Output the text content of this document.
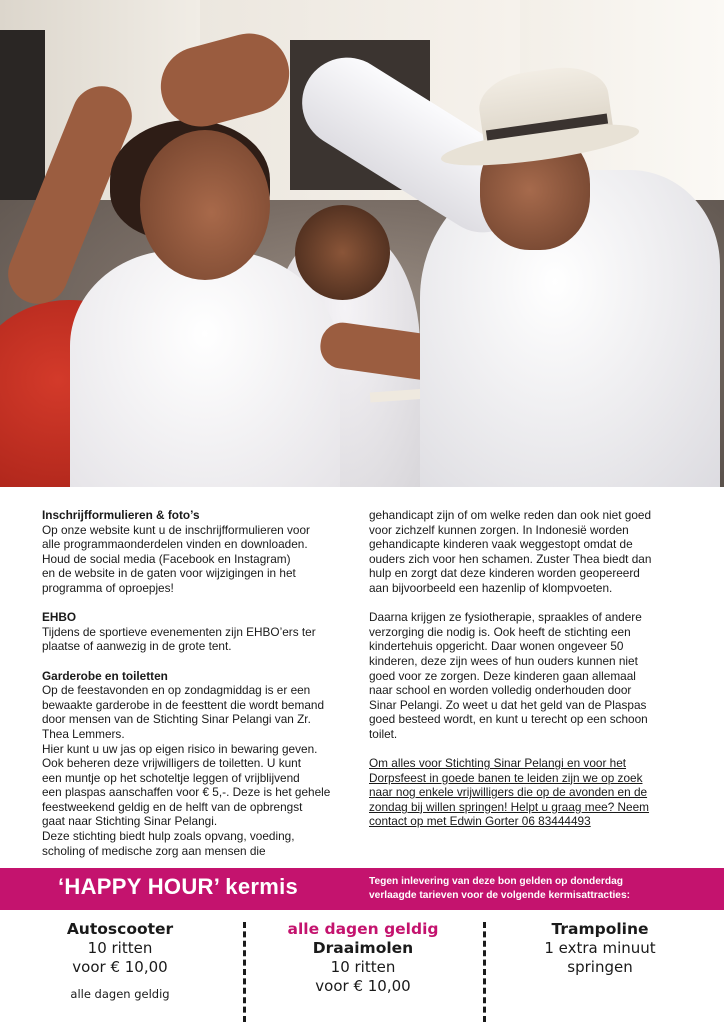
Inschrijfformulieren & foto’s

Op onze website kunt u de inschrijfformulieren voor

alle programmaonderdelen vinden en downloaden.

Houd de social media (Facebook en Instagram)

en de website in de gaten voor wijzigingen in het

programma of oproepjes!

EHBO

Tijdens de sportieve evenementen zijn EHBO’ers ter

plaatse of aanwezig in de grote tent.

Garderobe en toiletten

Op de feestavonden en op zondagmiddag is er een

bewaakte garderobe in de feesttent die wordt bemand

door mensen van de Stichting Sinar Pelangi van Zr.

Thea Lemmers.

Hier kunt u uw jas op eigen risico in bewaring geven.

Ook beheren deze vrijwilligers de toiletten. U kunt

een muntje op het schoteltje leggen of vrijblijvend

een plaspas aanschaffen voor € 5,-. Deze is het gehele

feestweekend geldig en de helft van de opbrengst

gaat naar Stichting Sinar Pelangi.

Deze stichting biedt hulp zoals opvang, voeding,

scholing of medische zorg aan mensen die

gehandicapt zijn of om welke reden dan ook niet goed

voor zichzelf kunnen zorgen. In Indonesië worden

gehandicapte kinderen vaak weggestopt omdat de

ouders zich voor hen schamen. Zuster Thea biedt dan

hulp en zorgt dat deze kinderen worden geopereerd

aan bijvoorbeeld een hazenlip of klompvoeten.

Daarna krijgen ze fysiotherapie, spraakles of andere

verzorging die nodig is. Ook heeft de stichting een

kindertehuis opgericht. Daar wonen ongeveer 50

kinderen, deze zijn wees of hun ouders kunnen niet

goed voor ze zorgen. Deze kinderen gaan allemaal

naar school en worden volledig onderhouden door

Sinar Pelangi. Zo weet u dat het geld van de Plaspas

goed besteed wordt, en kunt u terecht op een schoon

toilet.

Om alles voor Stichting Sinar Pelangi en voor het

Dorpsfeest in goede banen te leiden zijn we op zoek

naar nog enkele vrijwilligers die op de avonden en de

zondag bij willen springen! Helpt u graag mee? Neem

contact op met Edwin Gorter 06 83444493

‘HAPPY HOUR’ kermis	Tegen inlevering van deze bon gelden op donderdag
verlaagde tarieven voor de volgende kermisattracties:
Autoscooter
10 ritten
voor € 10,00
alle dagen geldig
alle dagen geldig
Draaimolen
10 ritten
voor € 10,00
Trampoline
1 extra minuut
springen
